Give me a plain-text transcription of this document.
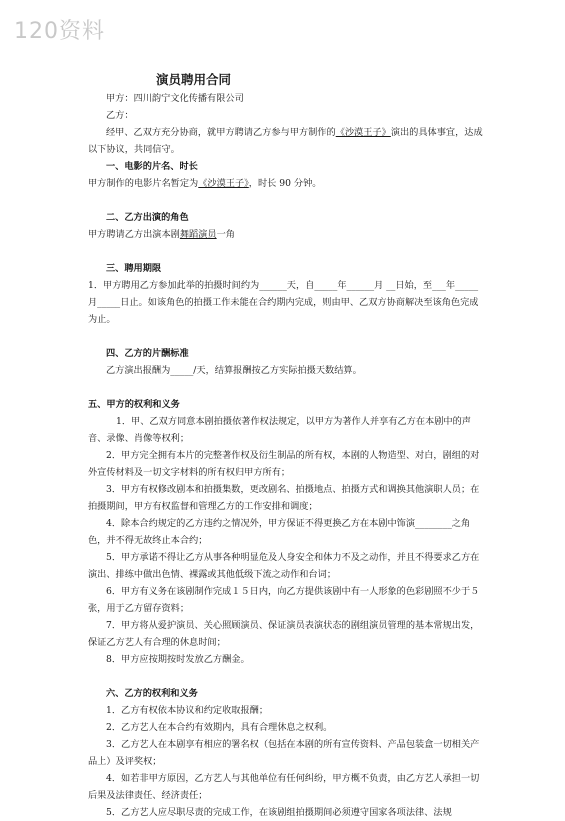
120资料
演员聘用合同

甲方：四川韵宁文化传播有限公司

乙方：

经甲、乙双方充分协商，就甲方聘请乙方参与甲方制作的《沙漠王子》演出的具体事宜，达成以下协议，共同信守。

一、电影的片名、时长

甲方制作的电影片名暂定为《沙漠王子》，时长 90 分钟。

二、乙方出演的角色

甲方聘请乙方出演本剧舞蹈演员一角

三、聘用期限

1．甲方聘用乙方参加此举的拍摄时间约为______天，自_____年______月 __日始，至___年_____月_____日止。如该角色的拍摄工作未能在合约期内完成，则由甲、乙双方协商解决至该角色完成为止。

四、乙方的片酬标准

乙方演出报酬为_____/天，结算报酬按乙方实际拍摄天数结算。

五、甲方的权利和义务

1．甲、乙双方同意本剧拍摄依著作权法规定，以甲方为著作人并享有乙方在本剧中的声音、录像、肖像等权利；

2．甲方完全拥有本片的完整著作权及衍生制品的所有权，本剧的人物造型、对白，剧组的对外宣传材料及一切文字材料的所有权归甲方所有；

3．甲方有权修改剧本和拍摄集数，更改剧名、拍摄地点、拍摄方式和调换其他演职人员；在拍摄期间，甲方有权监督和管理乙方的工作安排和调度；

4．除本合约规定的乙方违约之情况外，甲方保证不得更换乙方在本剧中饰演________之角色，并不得无故终止本合约；

5．甲方承诺不得让乙方从事各种明显危及人身安全和体力不及之动作，并且不得要求乙方在演出、排练中做出色情、裸露或其他低级下流之动作和台词；

6．甲方有义务在该剧制作完成１５日内，向乙方提供该剧中有一人形象的色彩剧照不少于５张，用于乙方留存资料；

7．甲方将从爱护演员、关心照顾演员、保证演员表演状态的剧组演员管理的基本常规出发，保证乙方艺人有合理的休息时间；

8．甲方应按期按时发放乙方酬金。

六、乙方的权利和义务

1．乙方有权依本协议和约定收取报酬；

2．乙方艺人在本合约有效期内，具有合理休息之权利。

3．乙方艺人在本剧享有相应的署名权（包括在本剧的所有宣传资料、产品包装盒一切相关产品上）及评奖权；

4．如若非甲方原因，乙方艺人与其他单位有任何纠纷，甲方概不负责，由乙方艺人承担一切后果及法律责任、经济责任；

5．乙方艺人应尽职尽责的完成工作，在该剧组拍摄期间必须遵守国家各项法律、法规
